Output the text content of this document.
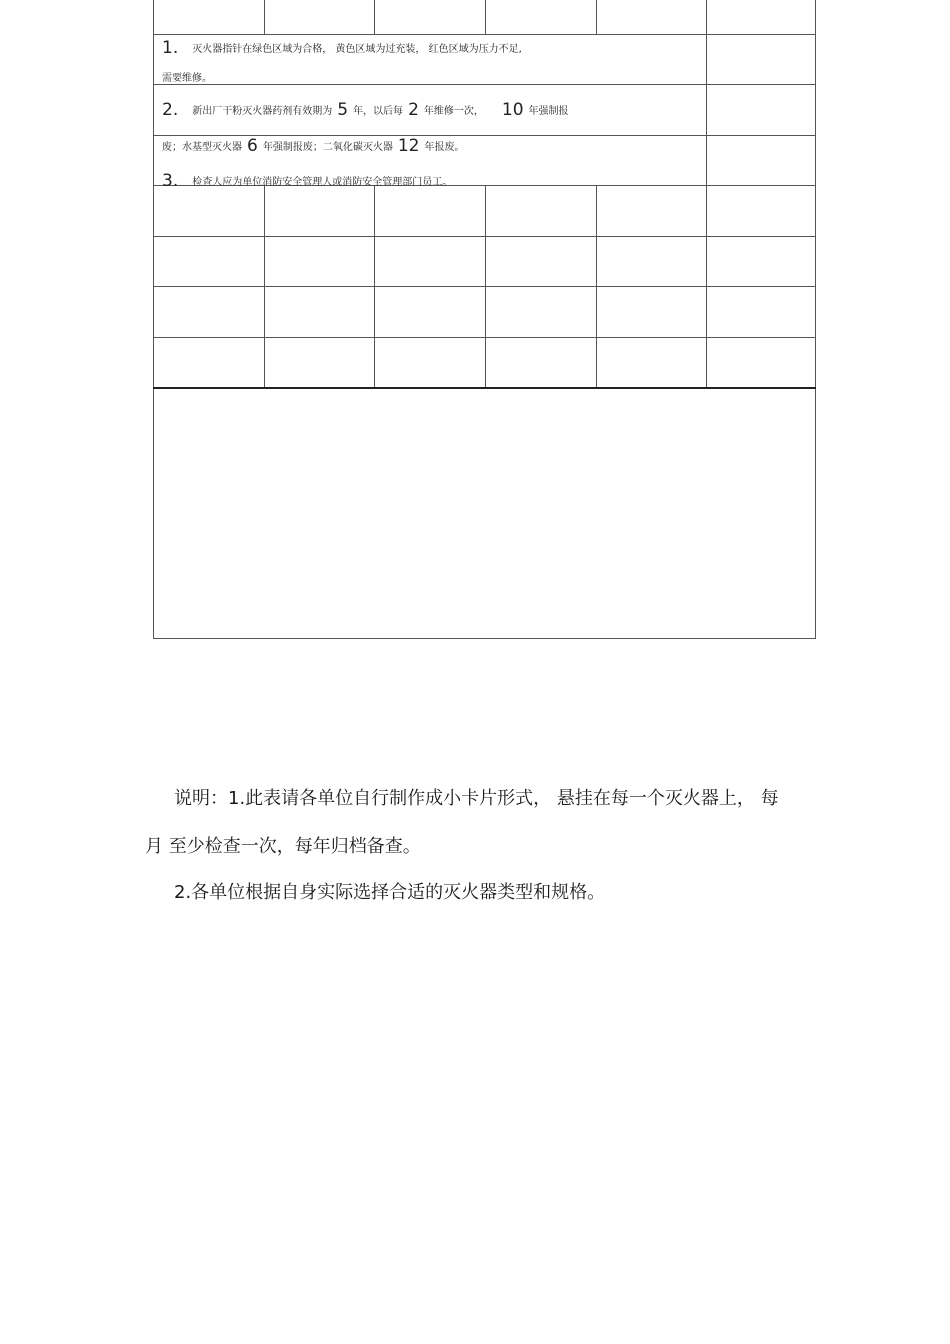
1. 灭火器指针在绿色区域为合格， 黄色区域为过充装， 红色区域为压力不足,
需要维修。
2. 新出厂干粉灭火器药剂有效期为 5 年，以后每 2 年维修一次， 10 年强制报
废；水基型灭火器 6 年强制报废；二氧化碳灭火器 12 年报废。
3. 检查人应为单位消防安全管理人或消防安全管理部门员工。
说明：1.此表请各单位自行制作成小卡片形式， 悬挂在每一个灭火器上， 每
月 至少检查一次，每年归档备查。
2.各单位根据自身实际选择合适的灭火器类型和规格。
